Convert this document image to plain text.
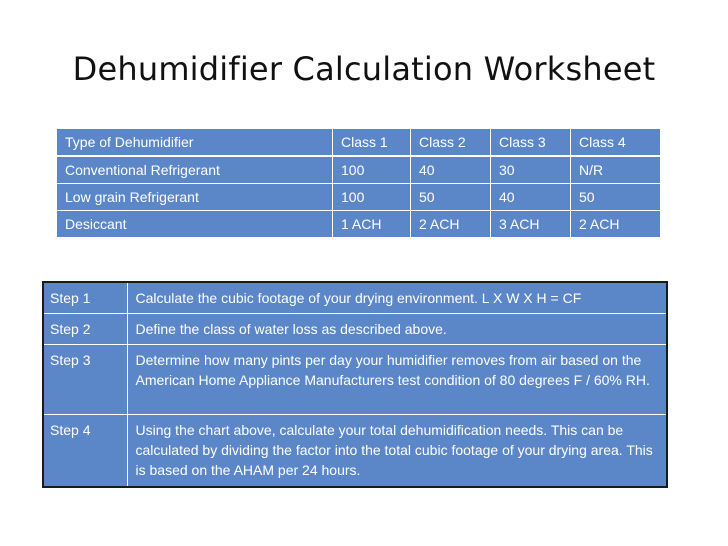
Dehumidifier Calculation Worksheet
Type of Dehumidifier	Class 1	Class 2	Class 3	Class 4
Conventional Refrigerant	100	40	30	N/R
Low grain Refrigerant	100	50	40	50
Desiccant	1 ACH	2 ACH	3 ACH	2 ACH
Step 1	Calculate the cubic footage of your drying environment. L X W X H = CF
Step 2	Define the class of water loss as described above.
Step 3	Determine how many pints per day your humidifier removes from air based on the American Home Appliance Manufacturers test condition of 80 degrees F / 60% RH.
Step 4	Using the chart above, calculate your total dehumidification needs. This can be calculated by dividing the factor into the total cubic footage of your drying area. This is based on the AHAM per 24 hours.
